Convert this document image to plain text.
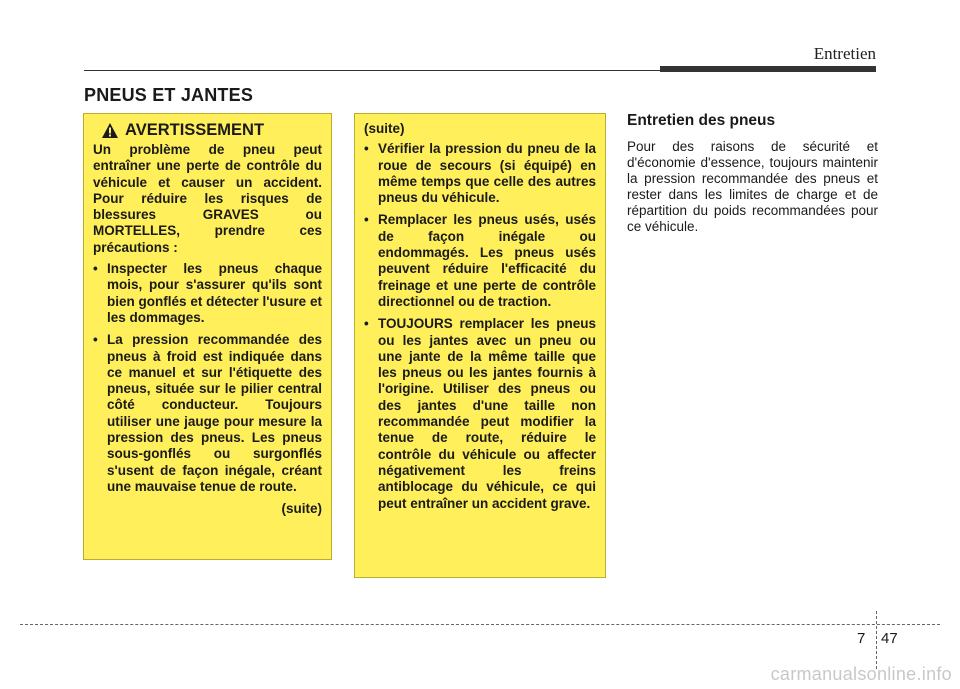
Entretien
PNEUS ET JANTES
AVERTISSEMENT

Un problème de pneu peut entraîner une perte de contrôle du véhicule et causer un accident. Pour réduire les risques de blessures GRAVES ou MORTELLES, prendre ces précautions :

• Inspecter les pneus chaque mois, pour s'assurer qu'ils sont bien gonflés et détecter l'usure et les dommages.
• La pression recommandée des pneus à froid est indiquée dans ce manuel et sur l'étiquette des pneus, située sur le pilier central côté conducteur. Toujours utiliser une jauge pour mesure la pression des pneus. Les pneus sous-gonflés ou surgonflés s'usent de façon inégale, créant une mauvaise tenue de route.
(suite)
(suite)
• Vérifier la pression du pneu de la roue de secours (si équipé) en même temps que celle des autres pneus du véhicule.
• Remplacer les pneus usés, usés de façon inégale ou endommagés. Les pneus usés peuvent réduire l'efficacité du freinage et une perte de contrôle directionnel ou de traction.
• TOUJOURS remplacer les pneus ou les jantes avec un pneu ou une jante de la même taille que les pneus ou les jantes fournis à l'origine. Utiliser des pneus ou des jantes d'une taille non recommandée peut modifier la tenue de route, réduire le contrôle du véhicule ou affecter négativement les freins antiblocage du véhicule, ce qui peut entraîner un accident grave.
Entretien des pneus
Pour des raisons de sécurité et d'économie d'essence, toujours maintenir la pression recommandée des pneus et rester dans les limites de charge et de répartition du poids recommandées pour ce véhicule.
7 47
carmanualsonline.info
